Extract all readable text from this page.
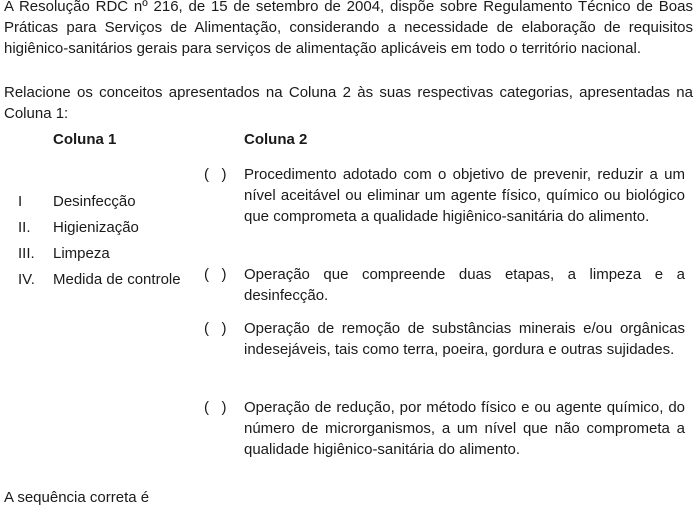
A Resolução RDC nº 216, de 15 de setembro de 2004, dispõe sobre Regulamento Técnico de Boas Práticas para Serviços de Alimentação, considerando a necessidade de elaboração de requisitos higiênico-sanitários gerais para serviços de alimentação aplicáveis em todo o território nacional.

Relacione os conceitos apresentados na Coluna 2 às suas respectivas categorias, apresentadas na Coluna 1:
Coluna 1	Coluna 2
I Desinfecção
II. Higienização
III. Limpeza
IV. Medida de controle
(   )	Procedimento adotado com o objetivo de prevenir, reduzir a um nível aceitável ou eliminar um agente físico, químico ou biológico que comprometa a qualidade higiênico-sanitária do alimento.
(   )	Operação que compreende duas etapas, a limpeza e a desinfecção.
(   )	Operação de remoção de substâncias minerais e/ou orgânicas indesejáveis, tais como terra, poeira, gordura e outras sujidades.
(   )	Operação de redução, por método físico e ou agente químico, do número de microrganismos, a um nível que não comprometa a qualidade higiênico-sanitária do alimento.
A sequência correta é
